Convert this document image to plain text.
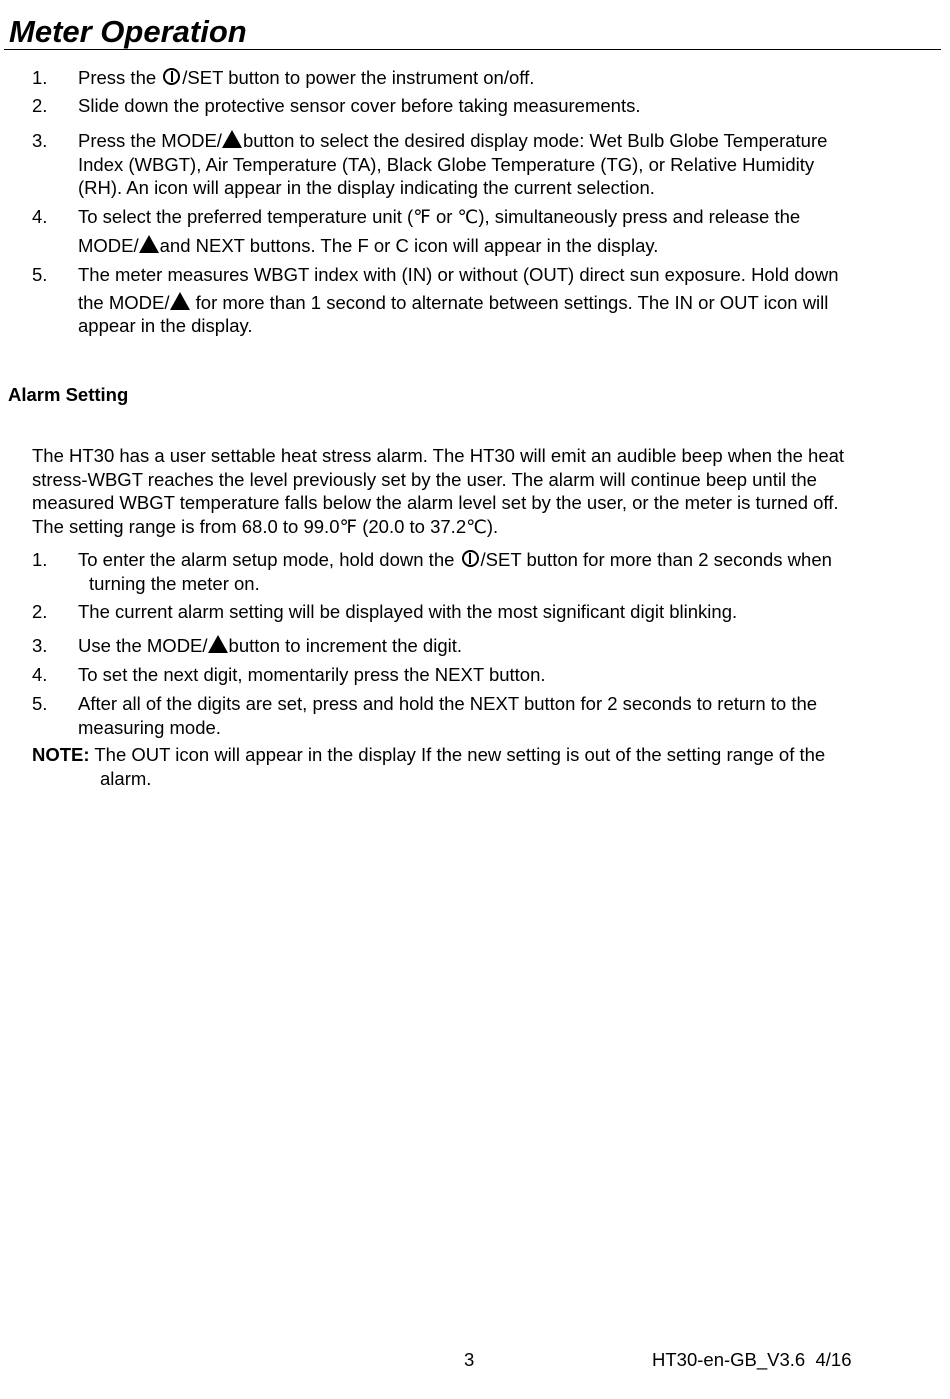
Meter Operation
1. Press the /SET button to power the instrument on/off.
2. Slide down the protective sensor cover before taking measurements.
3. Press the MODE/ button to select the desired display mode: Wet Bulb Globe Temperature
Index (WBGT), Air Temperature (TA), Black Globe Temperature (TG), or Relative Humidity
(RH). An icon will appear in the display indicating the current selection.
4. To select the preferred temperature unit (℉ or ℃), simultaneously press and release the
MODE/ and NEXT buttons. The F or C icon will appear in the display.
5. The meter measures WBGT index with (IN) or without (OUT) direct sun exposure. Hold down
the MODE/ for more than 1 second to alternate between settings. The IN or OUT icon will
appear in the display.
Alarm Setting
The HT30 has a user settable heat stress alarm. The HT30 will emit an audible beep when the heat
stress-WBGT reaches the level previously set by the user. The alarm will continue beep until the
measured WBGT temperature falls below the alarm level set by the user, or the meter is turned off.
The setting range is from 68.0 to 99.0℉ (20.0 to 37.2℃).
1. To enter the alarm setup mode, hold down the /SET button for more than 2 seconds when
turning the meter on.
2. The current alarm setting will be displayed with the most significant digit blinking.
3. Use the MODE/ button to increment the digit.
4. To set the next digit, momentarily press the NEXT button.
5. After all of the digits are set, press and hold the NEXT button for 2 seconds to return to the
measuring mode.
NOTE: The OUT icon will appear in the display If the new setting is out of the setting range of the
alarm.
3	HT30-en-GB_V3.6  4/16
